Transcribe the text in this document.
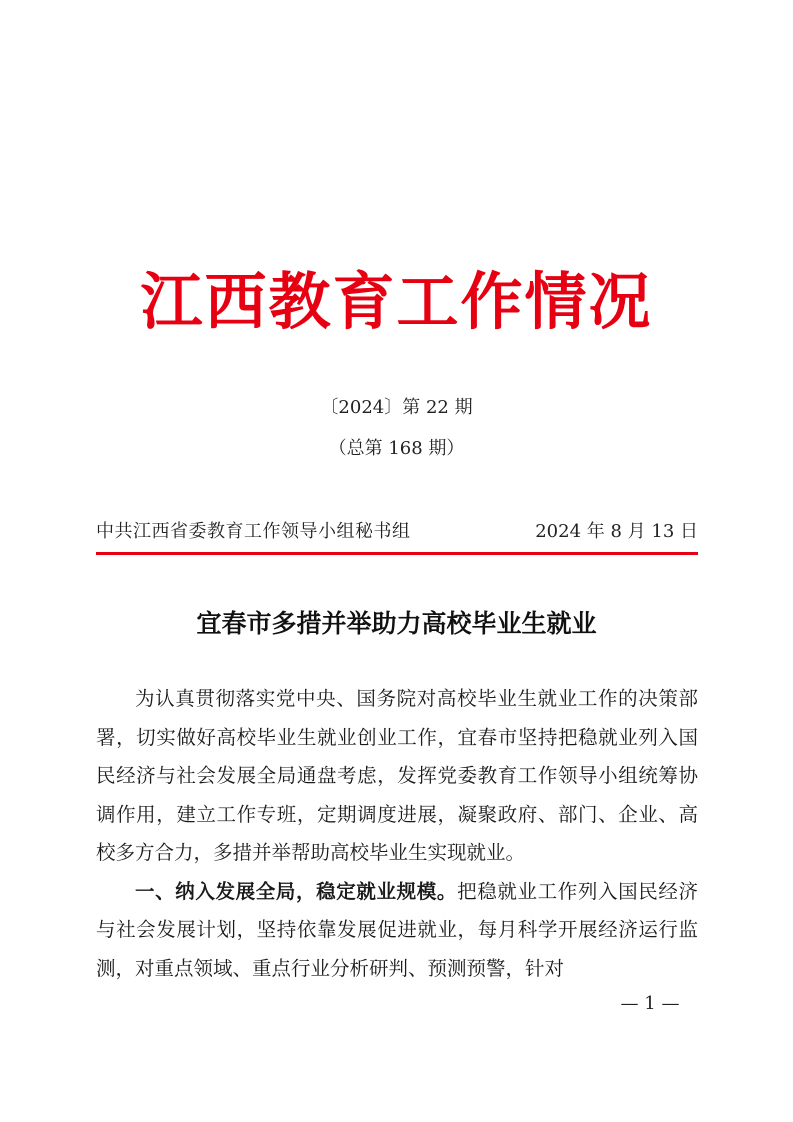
江西教育工作情况
〔2024〕第 22 期
（总第 168 期）
中共江西省委教育工作领导小组秘书组	2024 年 8 月 13 日
宜春市多措并举助力高校毕业生就业

为认真贯彻落实党中央、国务院对高校毕业生就业工作的决策部署，切实做好高校毕业生就业创业工作，宜春市坚持把稳就业列入国民经济与社会发展全局通盘考虑，发挥党委教育工作领导小组统筹协调作用，建立工作专班，定期调度进展，凝聚政府、部门、企业、高校多方合力，多措并举帮助高校毕业生实现就业。

一、纳入发展全局，稳定就业规模。把稳就业工作列入国民经济与社会发展计划，坚持依靠发展促进就业，每月科学开展经济运行监测，对重点领域、重点行业分析研判、预测预警，针对

— 1 —
